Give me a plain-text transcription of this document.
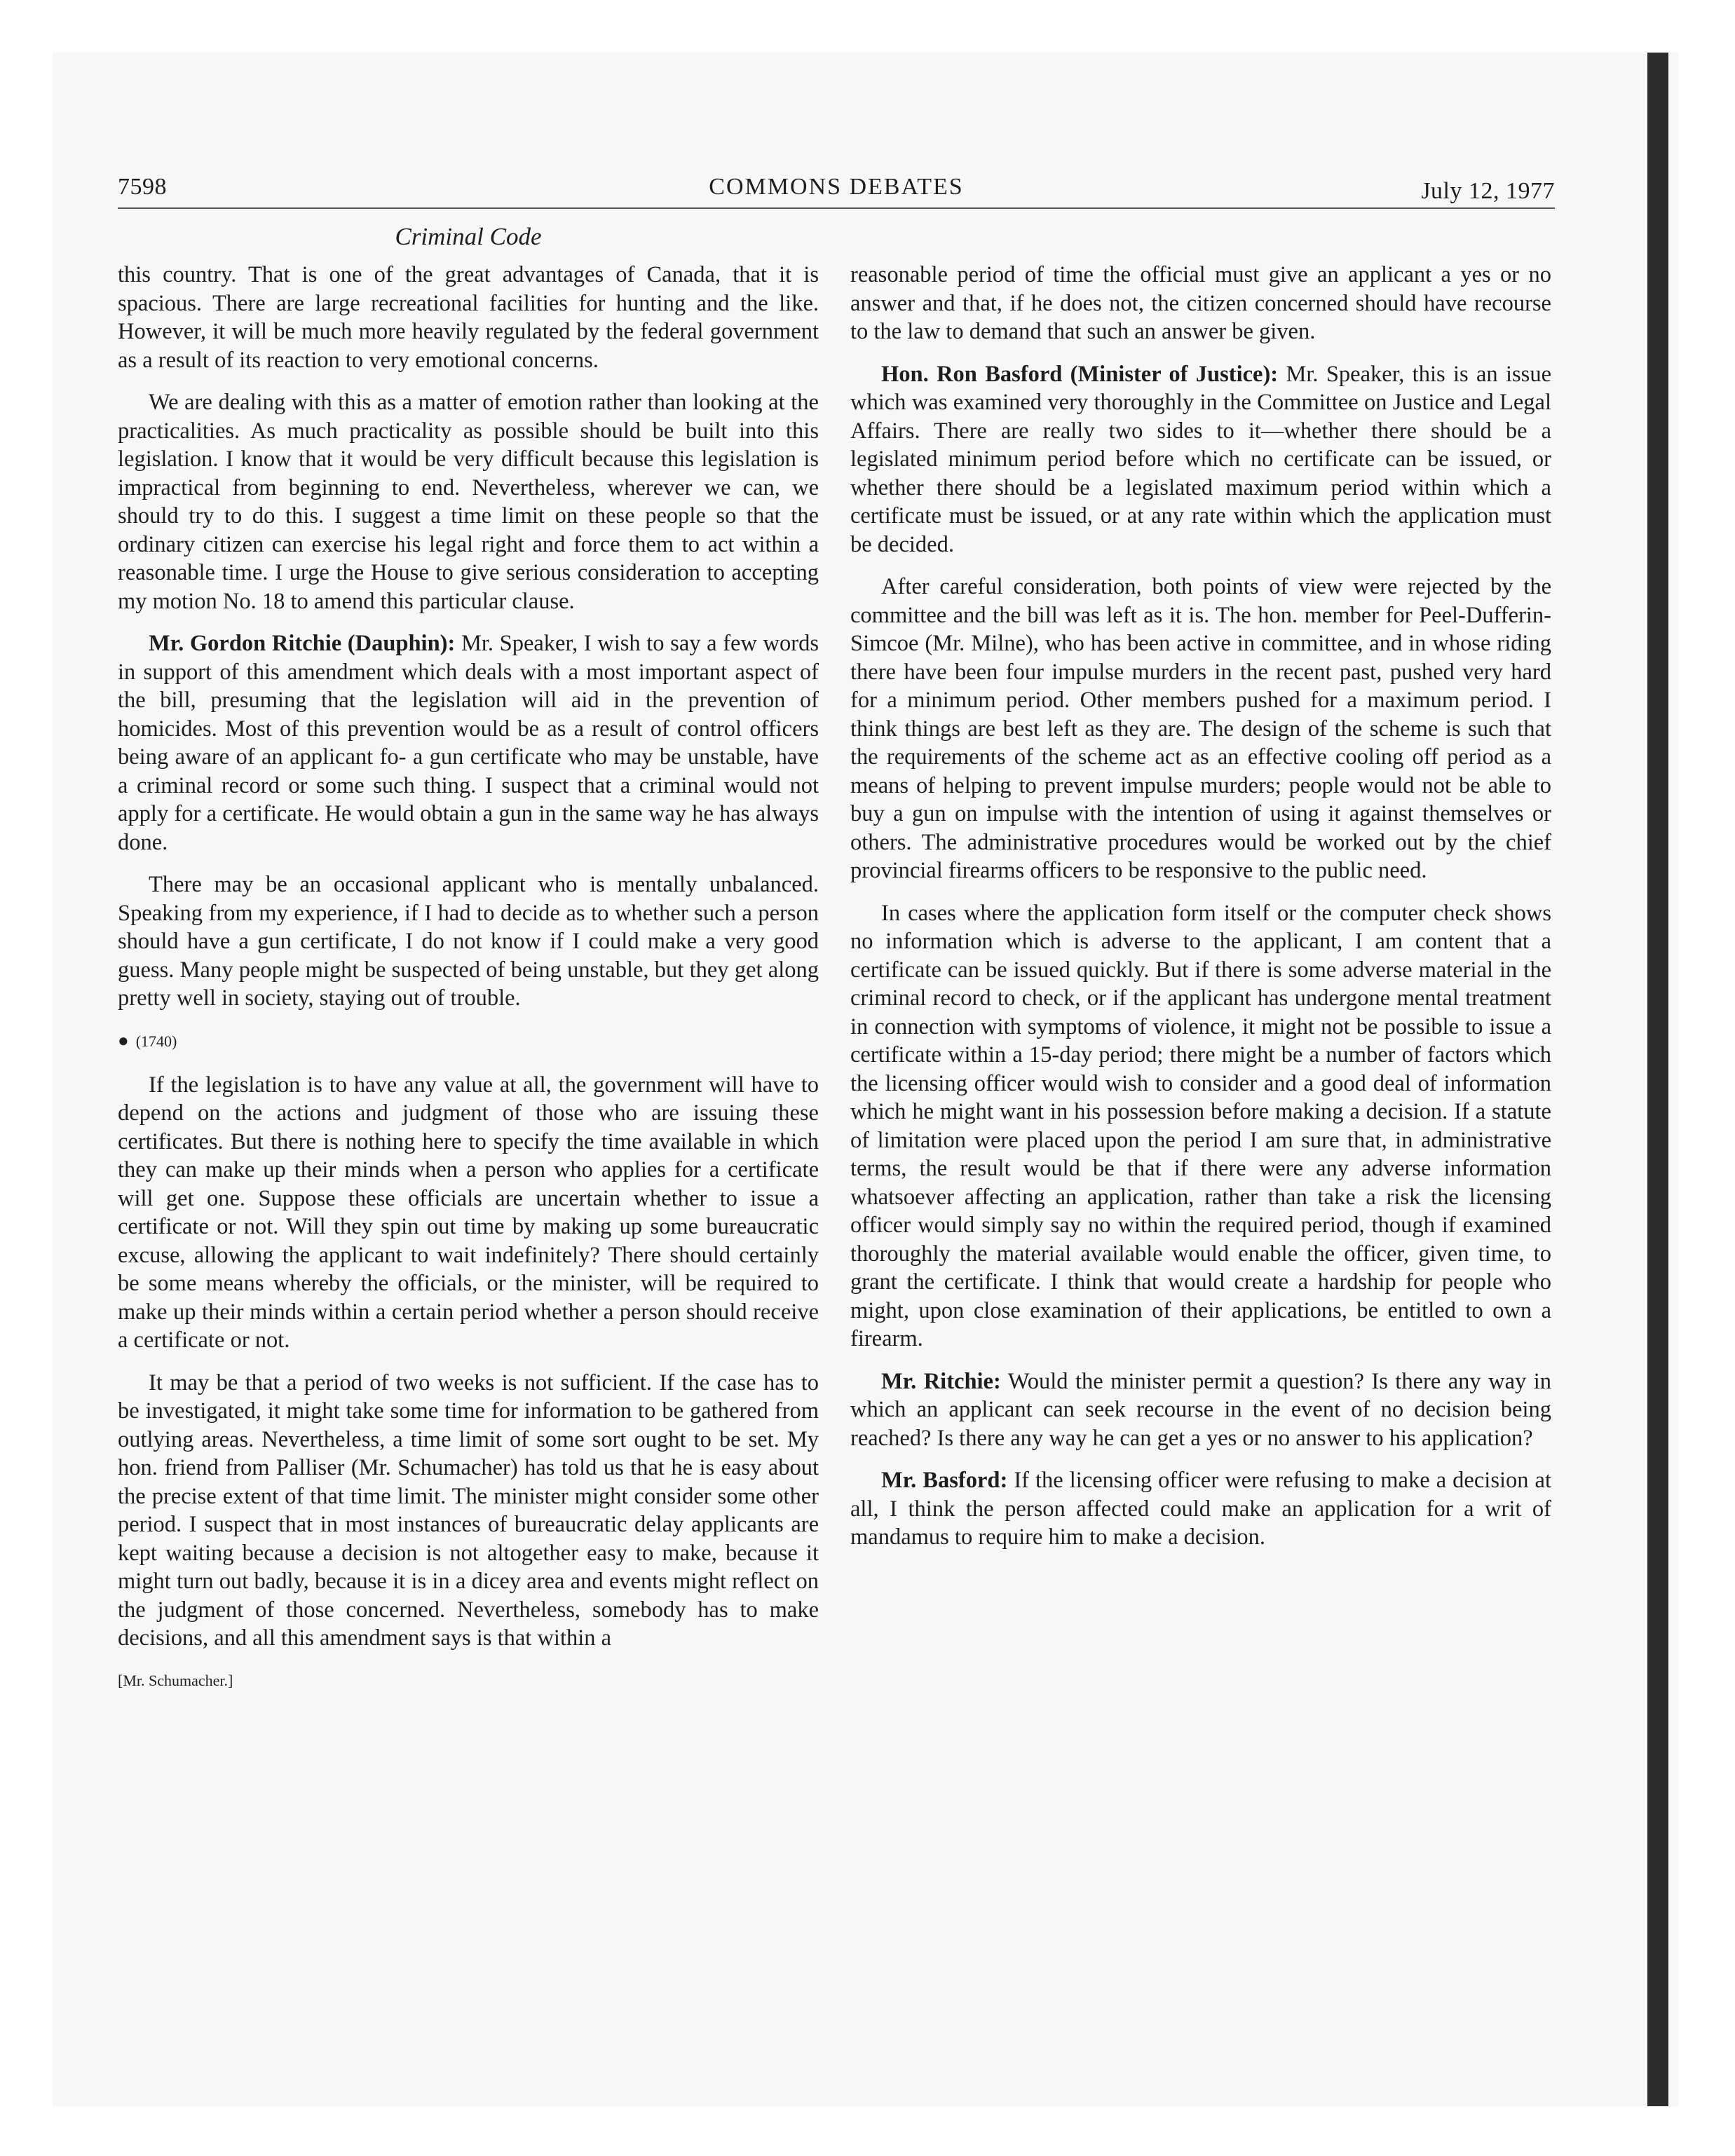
7598	COMMONS DEBATES	July 12, 1977
Criminal Code

this country. That is one of the great advantages of Canada, that it is spacious. There are large recreational facilities for hunting and the like. However, it will be much more heavily regulated by the federal government as a result of its reaction to very emotional concerns.

We are dealing with this as a matter of emotion rather than looking at the practicalities. As much practicality as possible should be built into this legislation. I know that it would be very difficult because this legislation is impractical from beginning to end. Nevertheless, wherever we can, we should try to do this. I suggest a time limit on these people so that the ordinary citizen can exercise his legal right and force them to act within a reasonable time. I urge the House to give serious consideration to accepting my motion No. 18 to amend this particular clause.

Mr. Gordon Ritchie (Dauphin): Mr. Speaker, I wish to say a few words in support of this amendment which deals with a most important aspect of the bill, presuming that the legislation will aid in the prevention of homicides. Most of this prevention would be as a result of control officers being aware of an applicant fo- a gun certificate who may be unstable, have a criminal record or some such thing. I suspect that a criminal would not apply for a certificate. He would obtain a gun in the same way he has always done.

There may be an occasional applicant who is mentally unbalanced. Speaking from my experience, if I had to decide as to whether such a person should have a gun certificate, I do not know if I could make a very good guess. Many people might be suspected of being unstable, but they get along pretty well in society, staying out of trouble.

● (1740)

If the legislation is to have any value at all, the government will have to depend on the actions and judgment of those who are issuing these certificates. But there is nothing here to specify the time available in which they can make up their minds when a person who applies for a certificate will get one. Suppose these officials are uncertain whether to issue a certificate or not. Will they spin out time by making up some bureaucratic excuse, allowing the applicant to wait indefinitely? There should certainly be some means whereby the officials, or the minister, will be required to make up their minds within a certain period whether a person should receive a certificate or not.

It may be that a period of two weeks is not sufficient. If the case has to be investigated, it might take some time for information to be gathered from outlying areas. Nevertheless, a time limit of some sort ought to be set. My hon. friend from Palliser (Mr. Schumacher) has told us that he is easy about the precise extent of that time limit. The minister might consider some other period. I suspect that in most instances of bureaucratic delay applicants are kept waiting because a decision is not altogether easy to make, because it might turn out badly, because it is in a dicey area and events might reflect on the judgment of those concerned. Nevertheless, somebody has to make decisions, and all this amendment says is that within a

[Mr. Schumacher.]

reasonable period of time the official must give an applicant a yes or no answer and that, if he does not, the citizen concerned should have recourse to the law to demand that such an answer be given.

Hon. Ron Basford (Minister of Justice): Mr. Speaker, this is an issue which was examined very thoroughly in the Committee on Justice and Legal Affairs. There are really two sides to it—whether there should be a legislated minimum period before which no certificate can be issued, or whether there should be a legislated maximum period within which a certificate must be issued, or at any rate within which the application must be decided.

After careful consideration, both points of view were rejected by the committee and the bill was left as it is. The hon. member for Peel-Dufferin-Simcoe (Mr. Milne), who has been active in committee, and in whose riding there have been four impulse murders in the recent past, pushed very hard for a minimum period. Other members pushed for a maximum period. I think things are best left as they are. The design of the scheme is such that the requirements of the scheme act as an effective cooling off period as a means of helping to prevent impulse murders; people would not be able to buy a gun on impulse with the intention of using it against themselves or others. The administrative procedures would be worked out by the chief provincial firearms officers to be responsive to the public need.

In cases where the application form itself or the computer check shows no information which is adverse to the applicant, I am content that a certificate can be issued quickly. But if there is some adverse material in the criminal record to check, or if the applicant has undergone mental treatment in connection with symptoms of violence, it might not be possible to issue a certificate within a 15-day period; there might be a number of factors which the licensing officer would wish to consider and a good deal of information which he might want in his possession before making a decision. If a statute of limitation were placed upon the period I am sure that, in administrative terms, the result would be that if there were any adverse information whatsoever affecting an application, rather than take a risk the licensing officer would simply say no within the required period, though if examined thoroughly the material available would enable the officer, given time, to grant the certificate. I think that would create a hardship for people who might, upon close examination of their applications, be entitled to own a firearm.

Mr. Ritchie: Would the minister permit a question? Is there any way in which an applicant can seek recourse in the event of no decision being reached? Is there any way he can get a yes or no answer to his application?

Mr. Basford: If the licensing officer were refusing to make a decision at all, I think the person affected could make an application for a writ of mandamus to require him to make a decision.
